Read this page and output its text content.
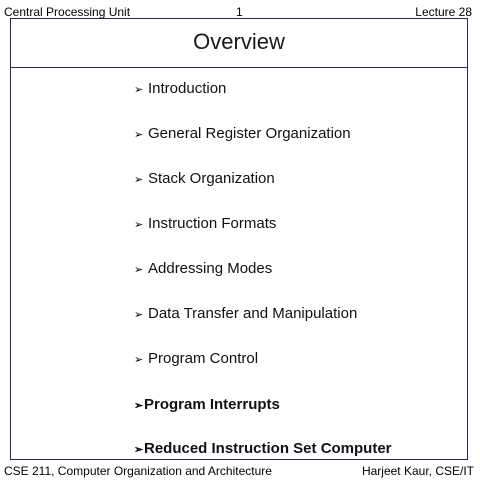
Central Processing Unit	1	Lecture 28
Overview
➢ Introduction
➢ General Register Organization
➢ Stack Organization
➢ Instruction Formats
➢ Addressing Modes
➢ Data Transfer and Manipulation
➢ Program Control
➢Program Interrupts
➢Reduced Instruction Set Computer
CSE 211, Computer Organization and Architecture	Harjeet Kaur, CSE/IT
